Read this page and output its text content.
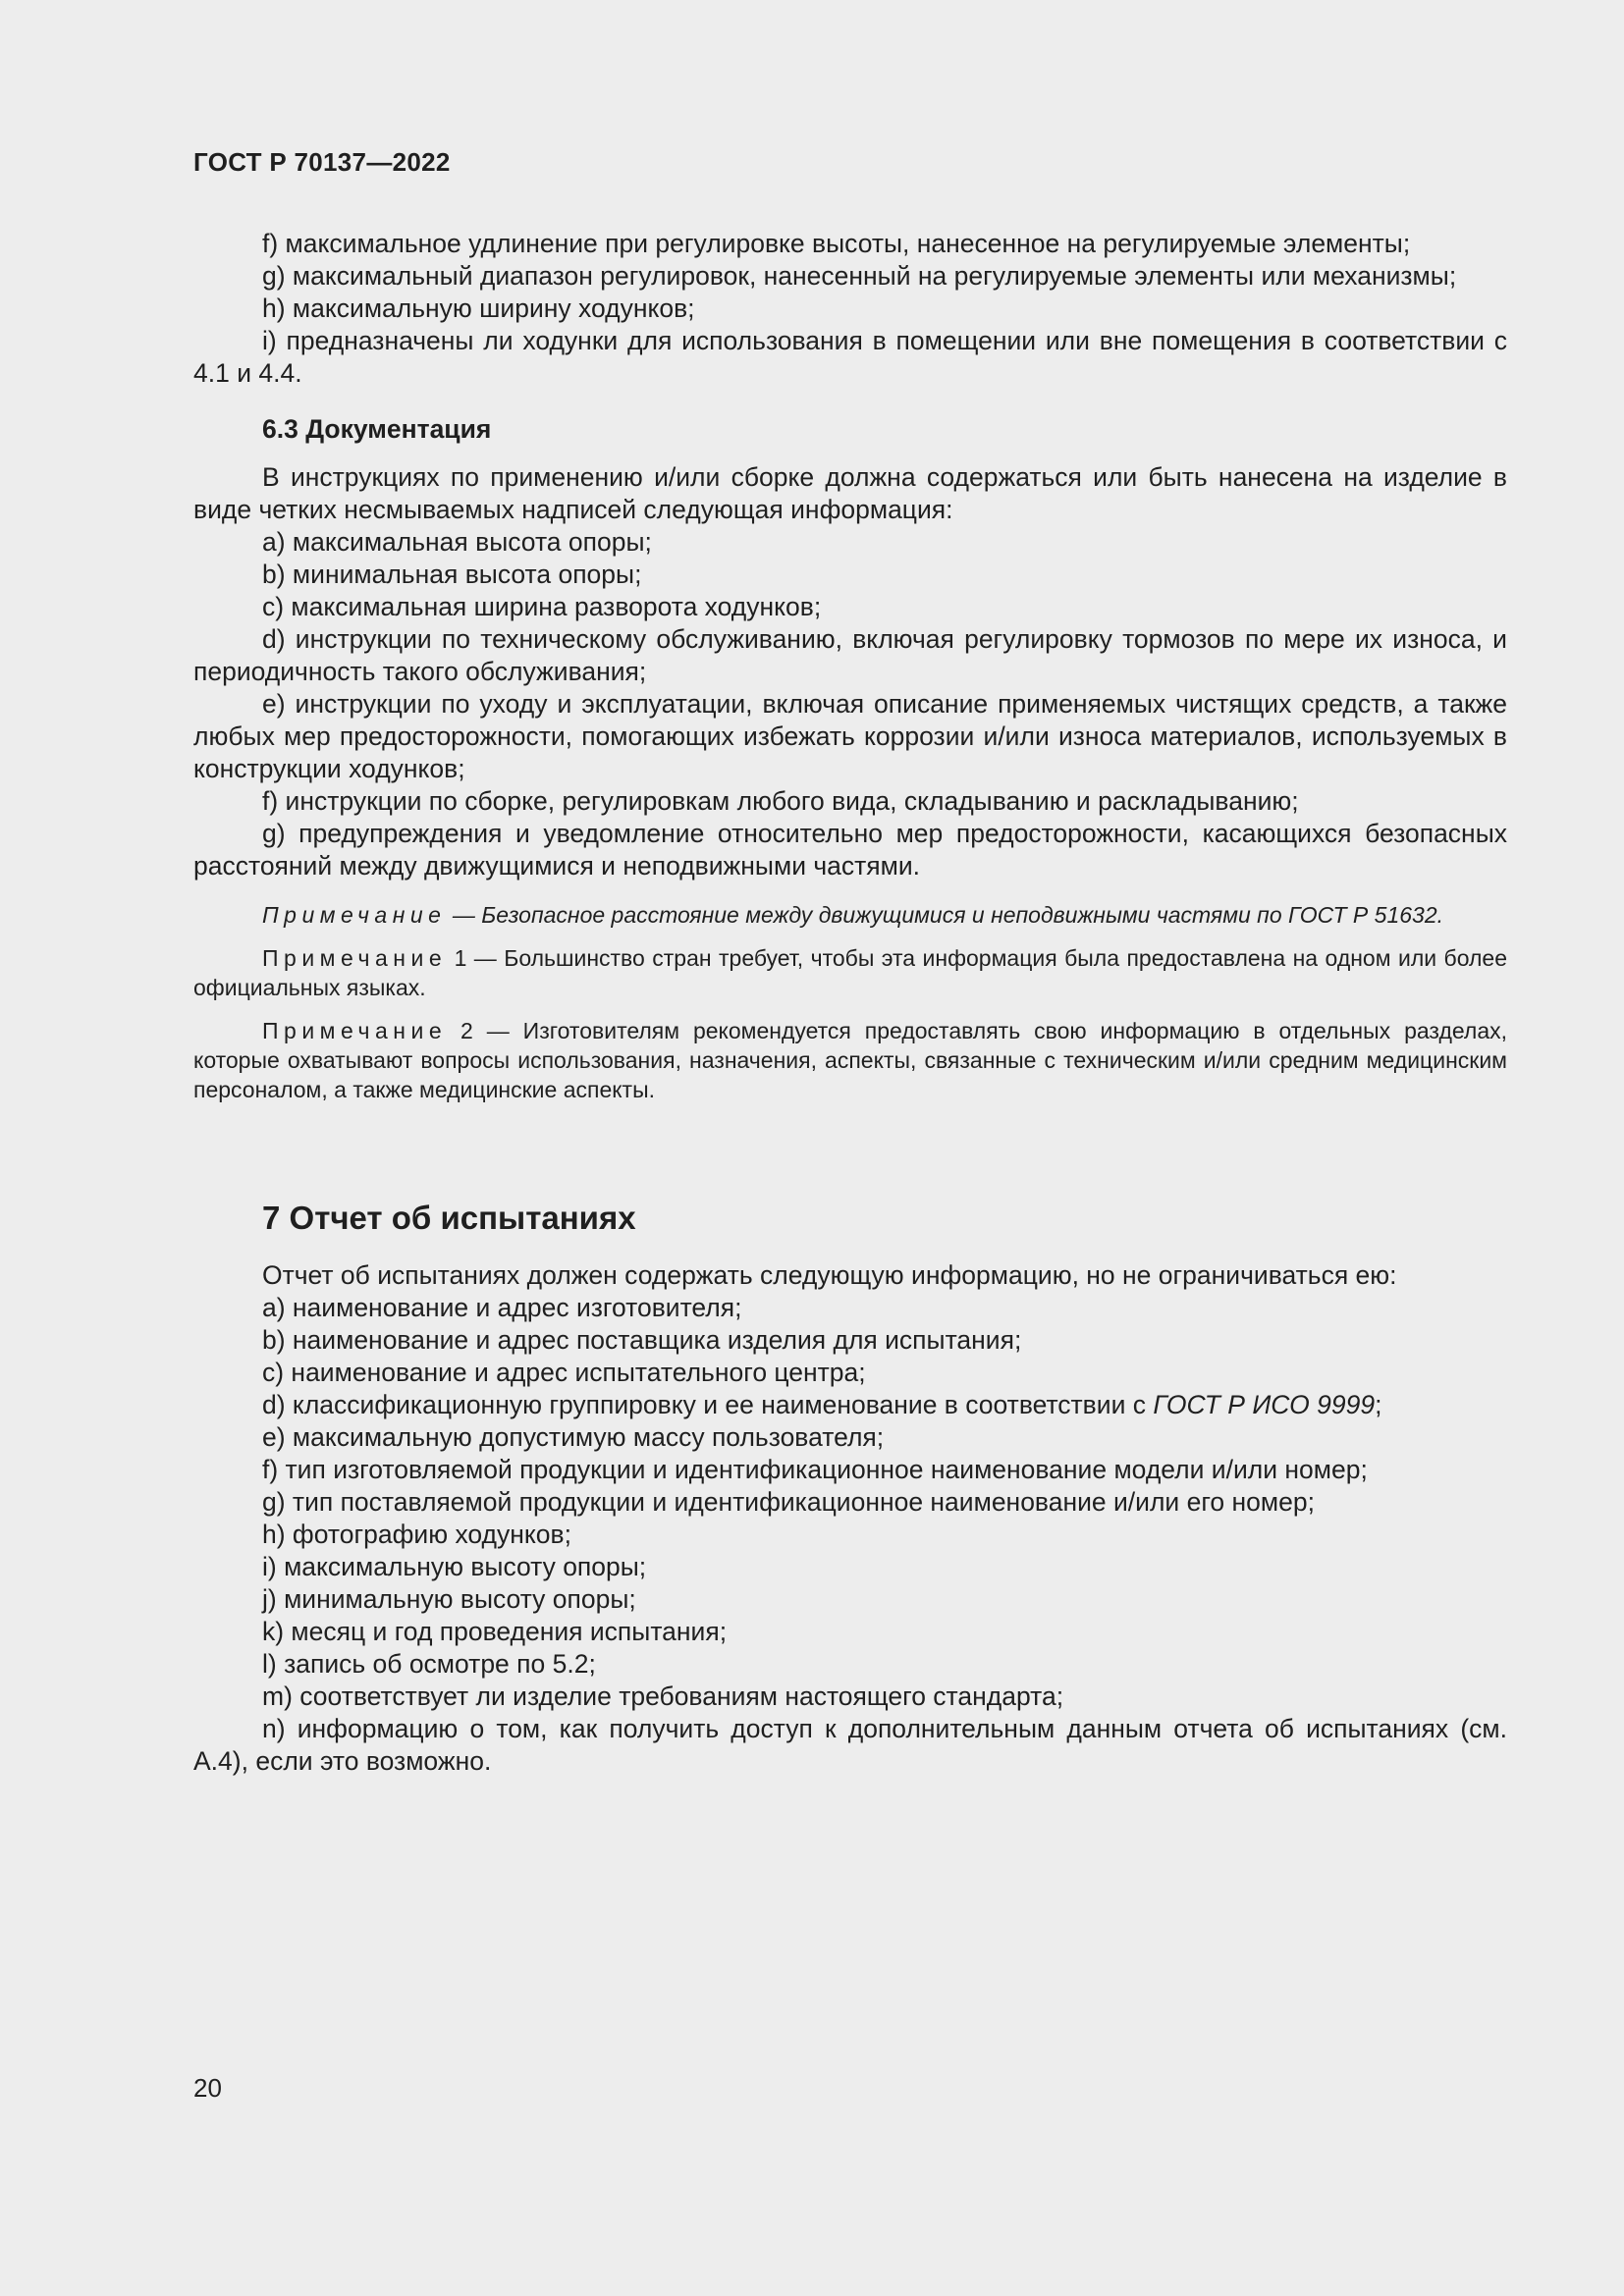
ГОСТ Р 70137—2022

f) максимальное удлинение при регулировке высоты, нанесенное на регулируемые элементы;

g) максимальный диапазон регулировок, нанесенный на регулируемые элементы или механизмы;

h) максимальную ширину ходунков;

i) предназначены ли ходунки для использования в помещении или вне помещения в соответствии с 4.1 и 4.4.

6.3 Документация

В инструкциях по применению и/или сборке должна содержаться или быть нанесена на изделие в виде четких несмываемых надписей следующая информация:

a) максимальная высота опоры;

b) минимальная высота опоры;

c) максимальная ширина разворота ходунков;

d) инструкции по техническому обслуживанию, включая регулировку тормозов по мере их износа, и периодичность такого обслуживания;

e) инструкции по уходу и эксплуатации, включая описание применяемых чистящих средств, а также любых мер предосторожности, помогающих избежать коррозии и/или износа материалов, используемых в конструкции ходунков;

f) инструкции по сборке, регулировкам любого вида, складыванию и раскладыванию;

g) предупреждения и уведомление относительно мер предосторожности, касающихся безопасных расстояний между движущимися и неподвижными частями.

Примечание — Безопасное расстояние между движущимися и неподвижными частями по ГОСТ Р 51632.

Примечание 1 — Большинство стран требует, чтобы эта информация была предоставлена на одном или более официальных языках.

Примечание 2 — Изготовителям рекомендуется предоставлять свою информацию в отдельных разделах, которые охватывают вопросы использования, назначения, аспекты, связанные с техническим и/или средним медицинским персоналом, а также медицинские аспекты.

7 Отчет об испытаниях

Отчет об испытаниях должен содержать следующую информацию, но не ограничиваться ею:

a) наименование и адрес изготовителя;

b) наименование и адрес поставщика изделия для испытания;

c) наименование и адрес испытательного центра;

d) классификационную группировку и ее наименование в соответствии с ГОСТ Р ИСО 9999;

e) максимальную допустимую массу пользователя;

f) тип изготовляемой продукции и идентификационное наименование модели и/или номер;

g) тип поставляемой продукции и идентификационное наименование и/или его номер;

h) фотографию ходунков;

i) максимальную высоту опоры;

j) минимальную высоту опоры;

k) месяц и год проведения испытания;

l) запись об осмотре по 5.2;

m) соответствует ли изделие требованиям настоящего стандарта;

n) информацию о том, как получить доступ к дополнительным данным отчета об испытаниях (см. А.4), если это возможно.

20
